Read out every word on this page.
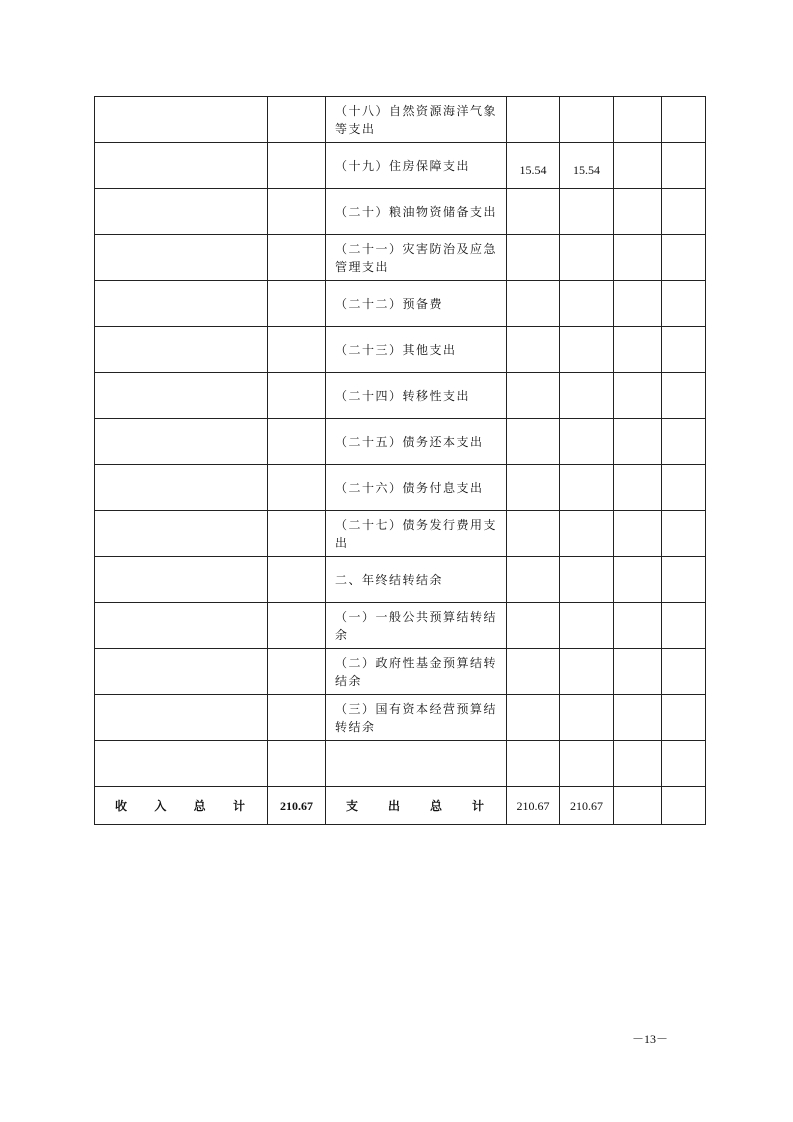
		（十八）自然资源海洋气象等支出				
		（十九）住房保障支出	15.54	15.54		
		（二十）粮油物资储备支出				
		（二十一）灾害防治及应急管理支出				
		（二十二）预备费				
		（二十三）其他支出				
		（二十四）转移性支出				
		（二十五）债务还本支出				
		（二十六）债务付息支出				
		（二十七）债务发行费用支出				
		二、年终结转结余				
		（一）一般公共预算结转结余				
		（二）政府性基金预算结转结余				
		（三）国有资本经营预算结转结余				

收入总计	210.67	支出总计	210.67	210.67		
－13－
